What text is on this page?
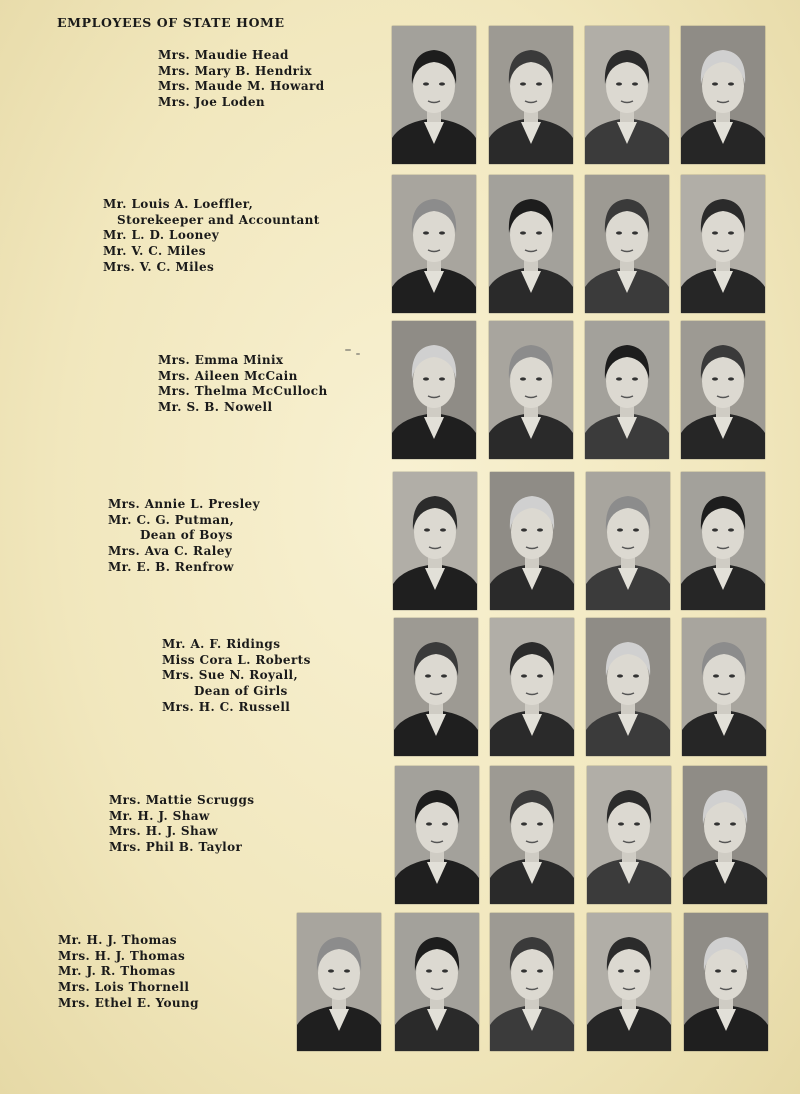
EMPLOYEES OF STATE HOME
Mrs. Maudie Head
Mrs. Mary B. Hendrix
Mrs. Maude M. Howard
Mrs. Joe Loden
Mr. Louis A. Loeffler,
Storekeeper and Accountant
Mr. L. D. Looney
Mr. V. C. Miles
Mrs. V. C. Miles
Mrs. Emma Minix
Mrs. Aileen McCain
Mrs. Thelma McCulloch
Mr. S. B. Nowell
Mrs. Annie L. Presley
Mr. C. G. Putman,
Dean of Boys
Mrs. Ava C. Raley
Mr. E. B. Renfrow
Mr. A. F. Ridings
Miss Cora L. Roberts
Mrs. Sue N. Royall,
Dean of Girls
Mrs. H. C. Russell
Mrs. Mattie Scruggs
Mr. H. J. Shaw
Mrs. H. J. Shaw
Mrs. Phil B. Taylor
Mr. H. J. Thomas
Mrs. H. J. Thomas
Mr. J. R. Thomas
Mrs. Lois Thornell
Mrs. Ethel E. Young
